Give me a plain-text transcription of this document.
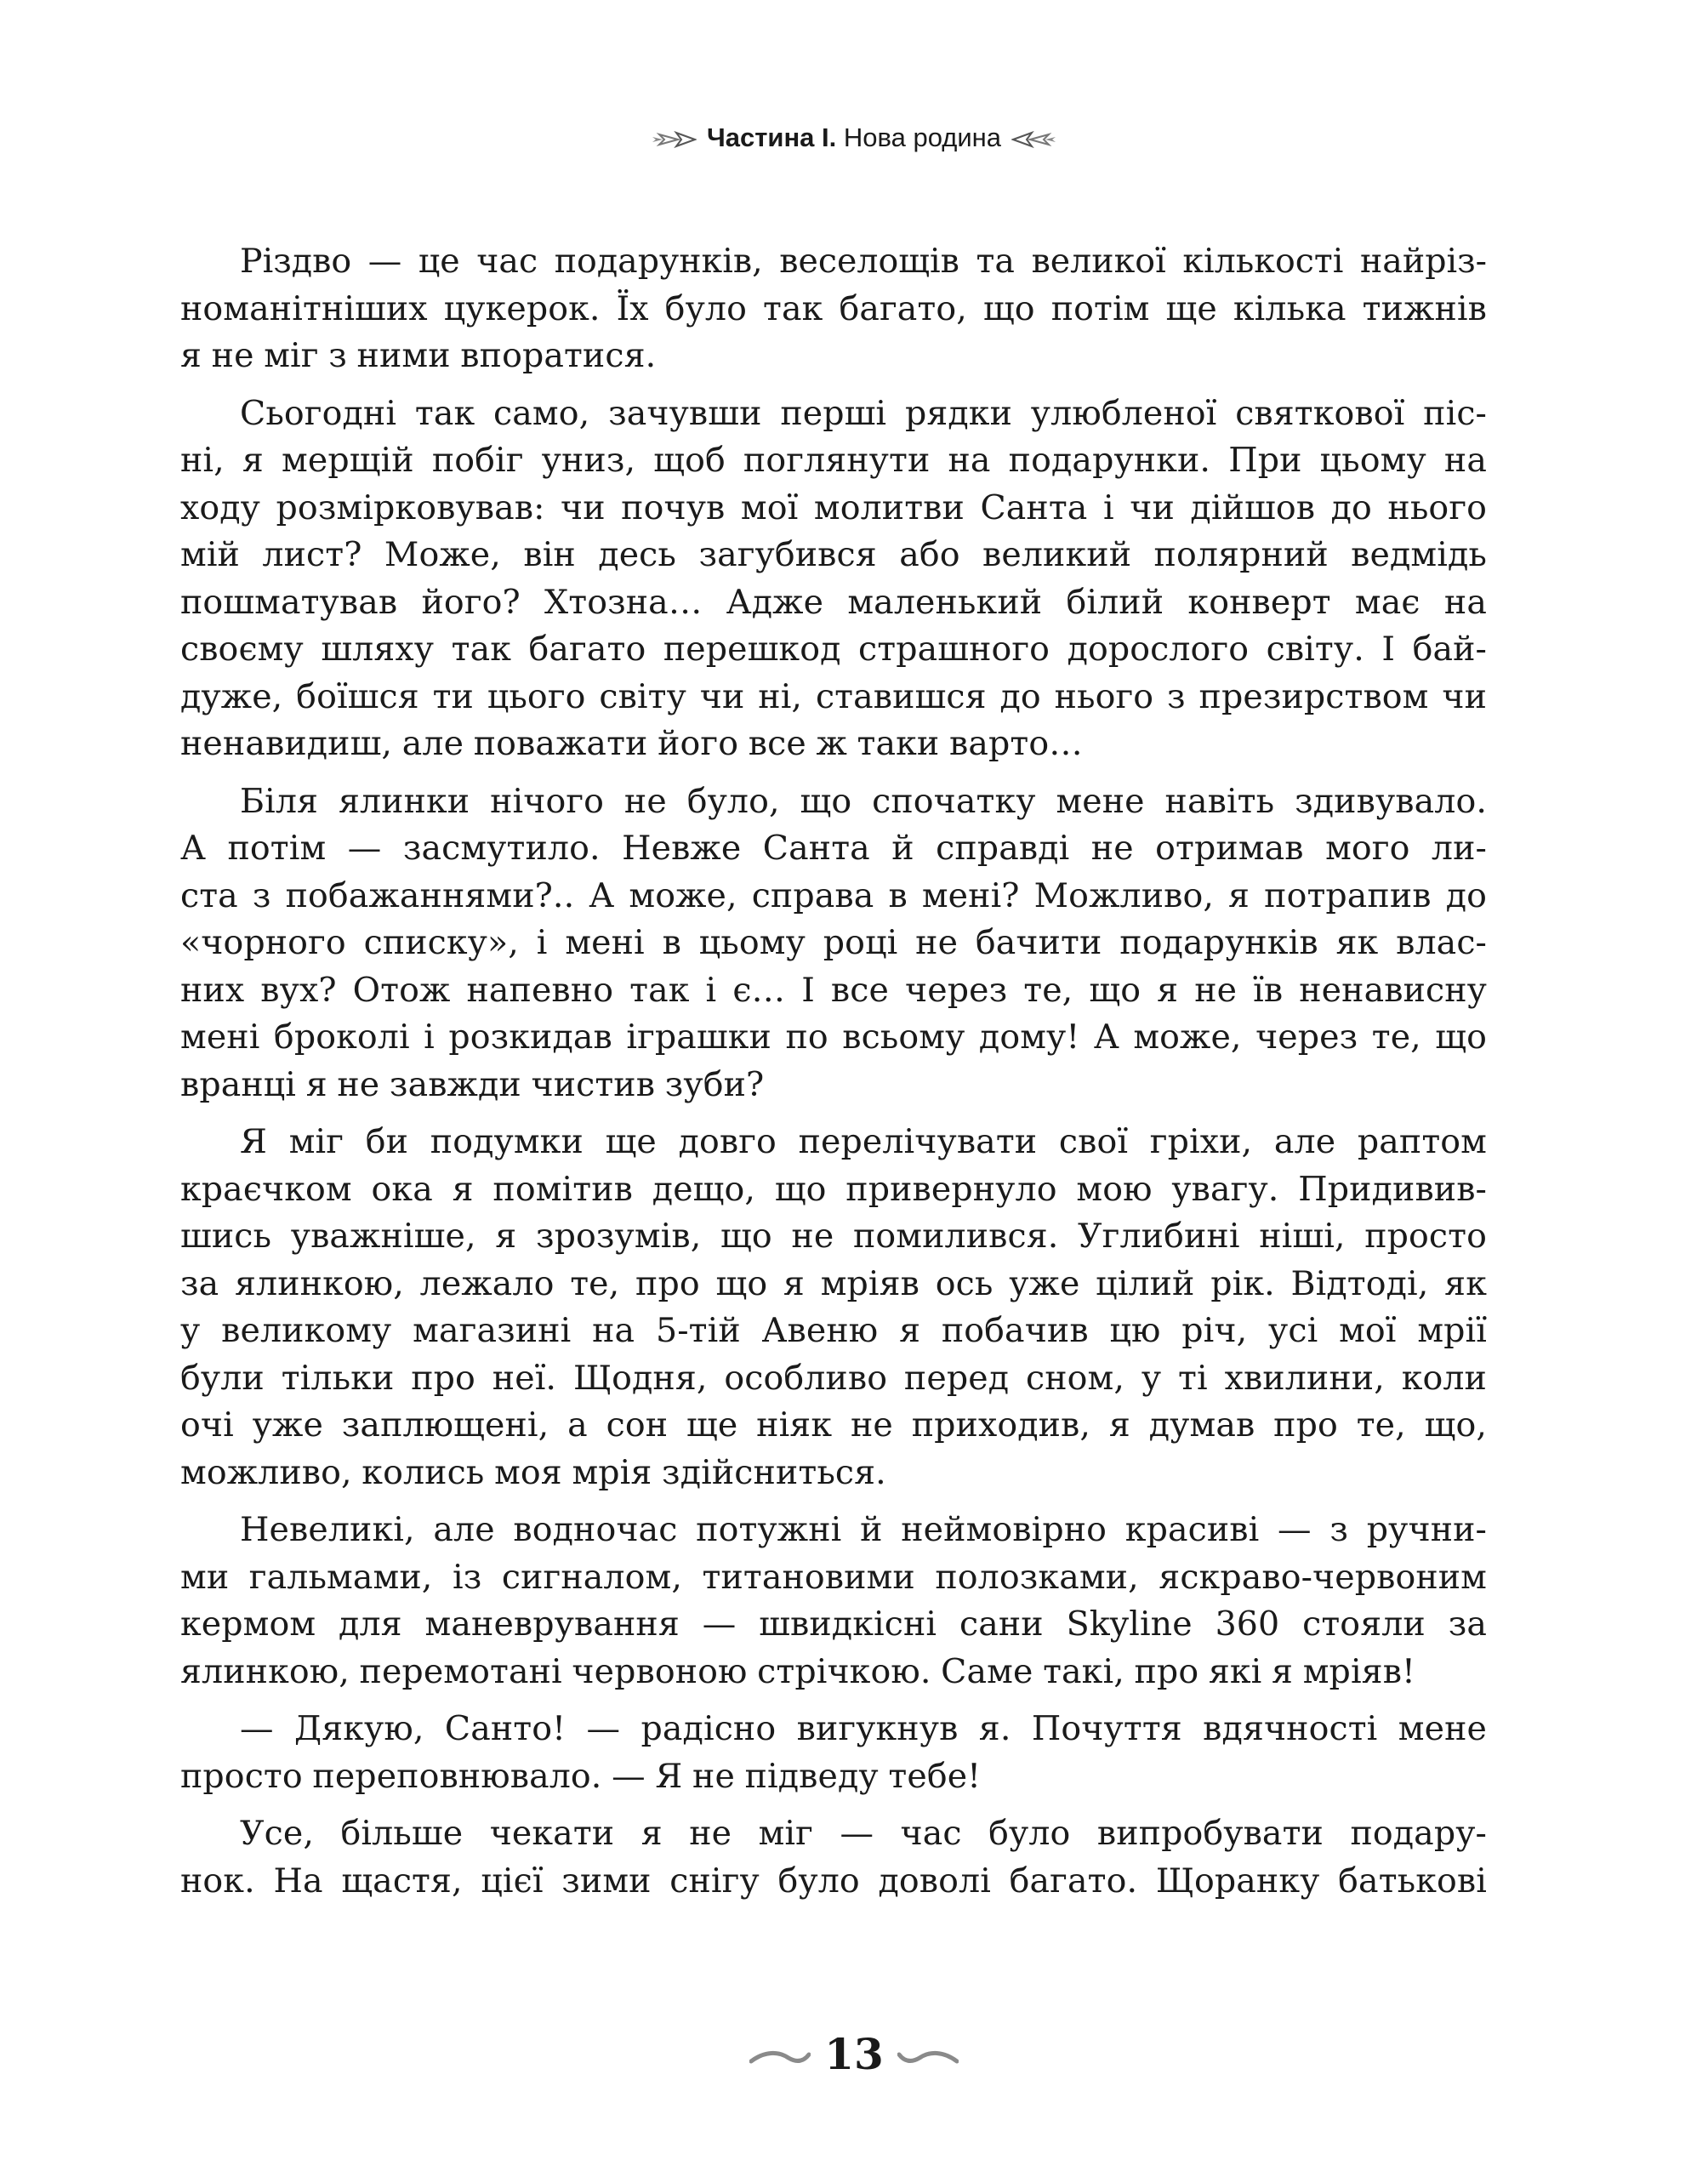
Частина І. Нова родина
Різдво — це час подарунків, веселощів та великої кількості найріз-
номанітніших цукерок. Їх було так багато, що потім ще кілька тижнів
я не міг з ними впоратися.
Сьогодні так само, зачувши перші рядки улюбленої святкової піс-
ні, я мерщій побіг униз, щоб поглянути на подарунки. При цьому на
ходу розмірковував: чи почув мої молитви Санта і чи дійшов до нього
мій лист? Може, він десь загубився або великий полярний ведмідь
пошматував його? Хтозна… Адже маленький білий конверт має на
своєму шляху так багато перешкод страшного дорослого світу. І бай-
дуже, боїшся ти цього світу чи ні, ставишся до нього з презирством чи
ненавидиш, але поважати його все ж таки варто…
Біля ялинки нічого не було, що спочатку мене навіть здивувало.
А потім — засмутило. Невже Санта й справді не отримав мого ли-
ста з побажаннями?.. А може, справа в мені? Можливо, я потрапив до
«чорного списку», і мені в цьому році не бачити подарунків як влас-
них вух? Отож напевно так і є… І все через те, що я не їв ненависну
мені броколі і розкидав іграшки по всьому дому! А може, через те, що
вранці я не завжди чистив зуби?
Я міг би подумки ще довго перелічувати свої гріхи, але раптом
краєчком ока я помітив дещо, що привернуло мою увагу. Придивив-
шись уважніше, я зрозумів, що не помилився. Углибині ніші, просто
за ялинкою, лежало те, про що я мріяв ось уже цілий рік. Відтоді, як
у великому магазині на 5-тій Авеню я побачив цю річ, усі мої мрії
були тільки про неї. Щодня, особливо перед сном, у ті хвилини, коли
очі уже заплющені, а сон ще ніяк не приходив, я думав про те, що,
можливо, колись моя мрія здійсниться.
Невеликі, але водночас потужні й неймовірно красиві — з ручни-
ми гальмами, із сигналом, титановими полозками, яскраво-червоним
кермом для маневрування — швидкісні сани Skyline 360 стояли за
ялинкою, перемотані червоною стрічкою. Саме такі, про які я мріяв!
— Дякую, Санто! — радісно вигукнув я. Почуття вдячності мене
просто переповнювало. — Я не підведу тебе!
Усе, більше чекати я не міг — час було випробувати подару-
нок. На щастя, цієї зими снігу було доволі багато. Щоранку батькові
13
